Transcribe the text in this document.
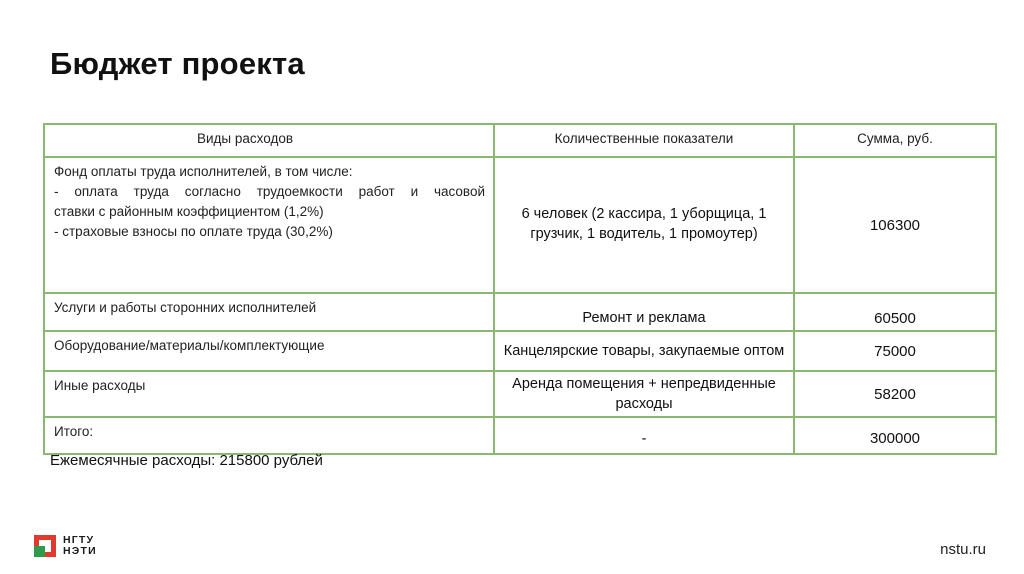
Бюджет проекта
Виды расходов	Количественные показатели	Сумма, руб.

Фонд оплаты труда исполнителей, в том числе:
- оплата труда согласно трудоемкости работ и часовой
ставки с районным коэффициентом (1,2%)
- страховые взносы по оплате труда (30,2%)	6 человек (2 кассира, 1 уборщица, 1 грузчик, 1 водитель, 1 промоутер)	106300
Услуги и работы сторонних исполнителей	Ремонт и реклама	60500
Оборудование/материалы/комплектующие	Канцелярские товары, закупаемые оптом	75000
Иные расходы	Аренда помещения + непредвиденные расходы	58200
Итого:	-	300000
Ежемесячные расходы: 215800 рублей
НГТУ
НЭТИ	nstu.ru
